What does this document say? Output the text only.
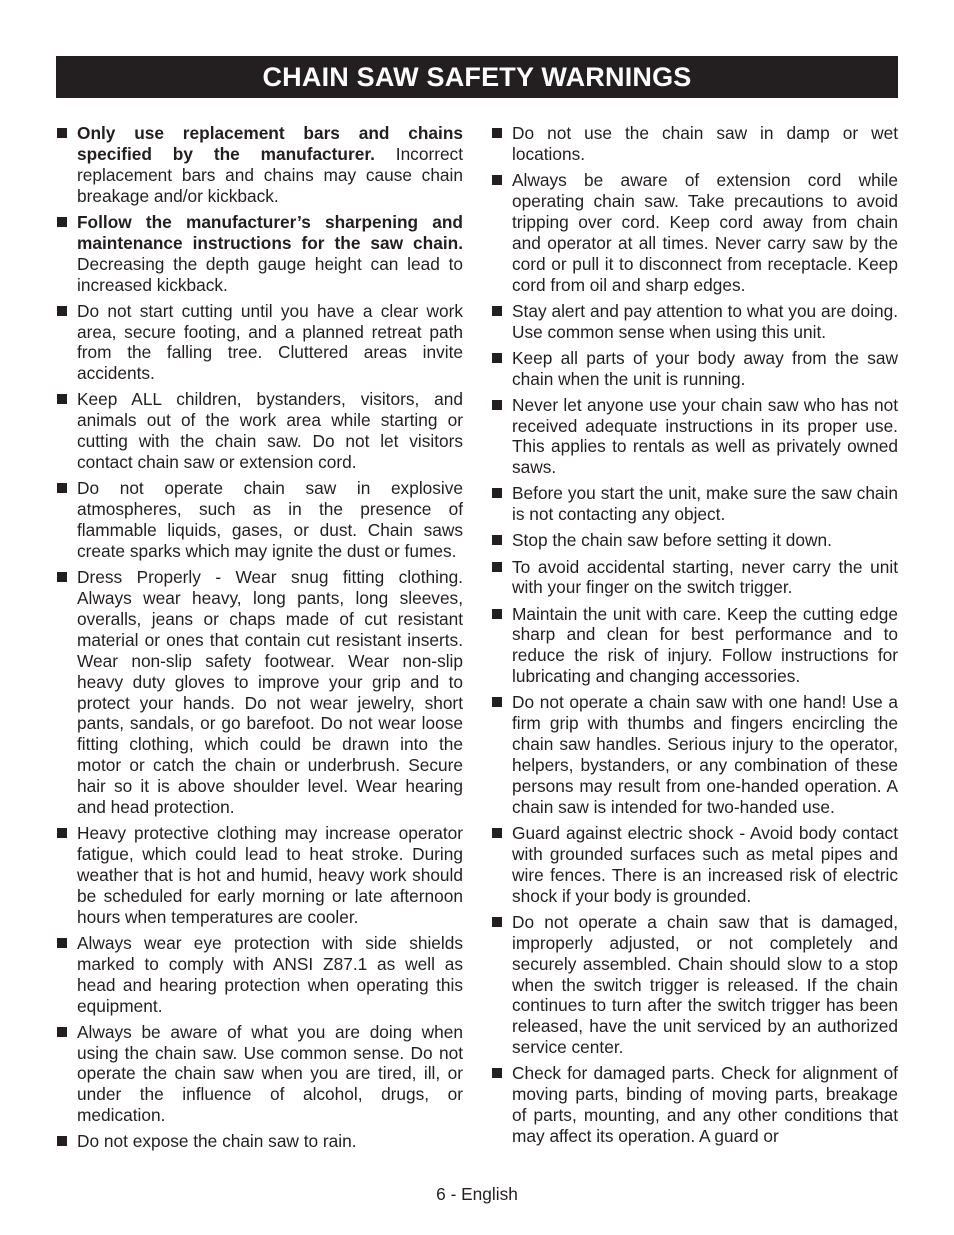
CHAIN SAW SAFETY WARNINGS
Only use replacement bars and chains specified by the manufacturer. Incorrect replacement bars and chains may cause chain breakage and/or kickback.
Follow the manufacturer’s sharpening and maintenance instructions for the saw chain. Decreasing the depth gauge height can lead to increased kickback.
Do not start cutting until you have a clear work area, secure footing, and a planned retreat path from the falling tree. Cluttered areas invite accidents.
Keep ALL children, bystanders, visitors, and animals out of the work area while starting or cutting with the chain saw. Do not let visitors contact chain saw or extension cord.
Do not operate chain saw in explosive atmospheres, such as in the presence of flammable liquids, gases, or dust. Chain saws create sparks which may ignite the dust or fumes.
Dress Properly - Wear snug fitting clothing. Always wear heavy, long pants, long sleeves, overalls, jeans or chaps made of cut resistant material or ones that contain cut resistant inserts. Wear non-slip safety footwear. Wear non-slip heavy duty gloves to improve your grip and to protect your hands. Do not wear jewelry, short pants, sandals, or go barefoot. Do not wear loose fitting clothing, which could be drawn into the motor or catch the chain or underbrush. Secure hair so it is above shoulder level. Wear hearing and head protection.
Heavy protective clothing may increase operator fatigue, which could lead to heat stroke. During weather that is hot and humid, heavy work should be scheduled for early morning or late afternoon hours when temperatures are cooler.
Always wear eye protection with side shields marked to comply with ANSI Z87.1 as well as head and hearing protection when operating this equipment.
Always be aware of what you are doing when using the chain saw. Use common sense. Do not operate the chain saw when you are tired, ill, or under the influence of alcohol, drugs, or medication.
Do not expose the chain saw to rain.
Do not use the chain saw in damp or wet locations.
Always be aware of extension cord while operating chain saw. Take precautions to avoid tripping over cord. Keep cord away from chain and operator at all times. Never carry saw by the cord or pull it to disconnect from receptacle. Keep cord from oil and sharp edges.
Stay alert and pay attention to what you are doing. Use common sense when using this unit.
Keep all parts of your body away from the saw chain when the unit is running.
Never let anyone use your chain saw who has not received adequate instructions in its proper use. This applies to rentals as well as privately owned saws.
Before you start the unit, make sure the saw chain is not contacting any object.
Stop the chain saw before setting it down.
To avoid accidental starting, never carry the unit with your finger on the switch trigger.
Maintain the unit with care. Keep the cutting edge sharp and clean for best performance and to reduce the risk of injury. Follow instructions for lubricating and changing accessories.
Do not operate a chain saw with one hand! Use a firm grip with thumbs and fingers encircling the chain saw handles. Serious injury to the operator, helpers, bystanders, or any combination of these persons may result from one-handed operation. A chain saw is intended for two-handed use.
Guard against electric shock - Avoid body contact with grounded surfaces such as metal pipes and wire fences. There is an increased risk of electric shock if your body is grounded.
Do not operate a chain saw that is damaged, improperly adjusted, or not completely and securely assembled. Chain should slow to a stop when the switch trigger is released. If the chain continues to turn after the switch trigger has been released, have the unit serviced by an authorized service center.
Check for damaged parts. Check for alignment of moving parts, binding of moving parts, breakage of parts, mounting, and any other conditions that may affect its operation. A guard or
6 - English
